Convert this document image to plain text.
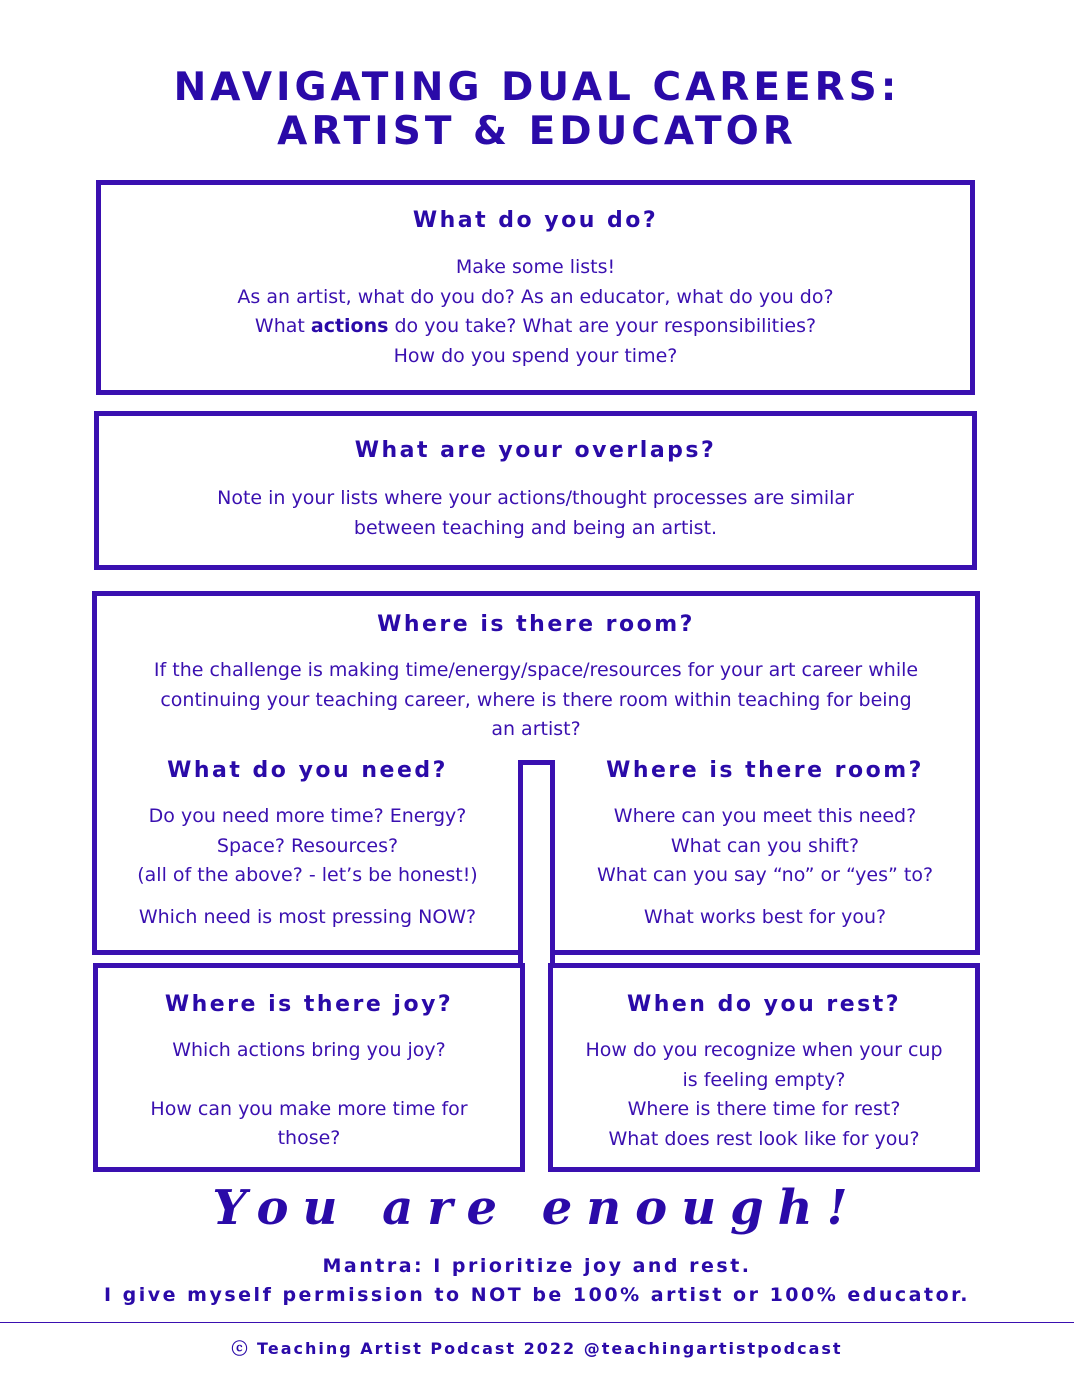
NAVIGATING DUAL CAREERS:
ARTIST & EDUCATOR
What do you do?
Make some lists!
As an artist, what do you do? As an educator, what do you do?
What actions do you take? What are your responsibilities?
How do you spend your time?
What are your overlaps?
Note in your lists where your actions/thought processes are similar
between teaching and being an artist.
Where is there room?
If the challenge is making time/energy/space/resources for your art career while
continuing your teaching career, where is there room within teaching for being
an artist?
What do you need?
Do you need more time? Energy?
Space? Resources?
(all of the above? - let’s be honest!)
Which need is most pressing NOW?
Where is there room?
Where can you meet this need?
What can you shift?
What can you say “no” or “yes” to?
What works best for you?
Where is there joy?
Which actions bring you joy?
How can you make more time for
those?
When do you rest?
How do you recognize when your cup
is feeling empty?
Where is there time for rest?
What does rest look like for you?
You are enough!
Mantra: I prioritize joy and rest.
I give myself permission to NOT be 100% artist or 100% educator.
ⓒ Teaching Artist Podcast 2022 @teachingartistpodcast
